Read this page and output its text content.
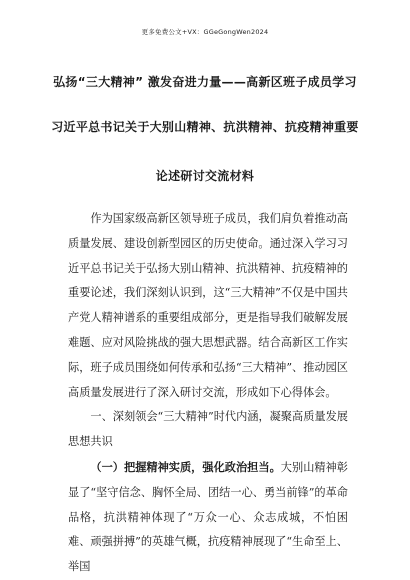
更多免费公文+VX：GGeGongWen2024
弘扬“三大精神” 激发奋进力量——高新区班子成员学习
习近平总书记关于大别山精神、抗洪精神、抗疫精神重要
论述研讨交流材料

作为国家级高新区领导班子成员，我们肩负着推动高质量发展、建设创新型园区的历史使命。通过深入学习习近平总书记关于弘扬大别山精神、抗洪精神、抗疫精神的重要论述，我们深刻认识到，这“三大精神”不仅是中国共产党人精神谱系的重要组成部分，更是指导我们破解发展难题、应对风险挑战的强大思想武器。结合高新区工作实际，班子成员围绕如何传承和弘扬“三大精神”、推动园区高质量发展进行了深入研讨交流，形成如下心得体会。

一、深刻领会“三大精神”时代内涵，凝聚高质量发展思想共识

（一）把握精神实质，强化政治担当。大别山精神彰显了“坚守信念、胸怀全局、团结一心、勇当前锋”的革命品格，抗洪精神体现了“万众一心、众志成城，不怕困难、顽强拼搏”的英雄气概，抗疫精神展现了“生命至上、举国
